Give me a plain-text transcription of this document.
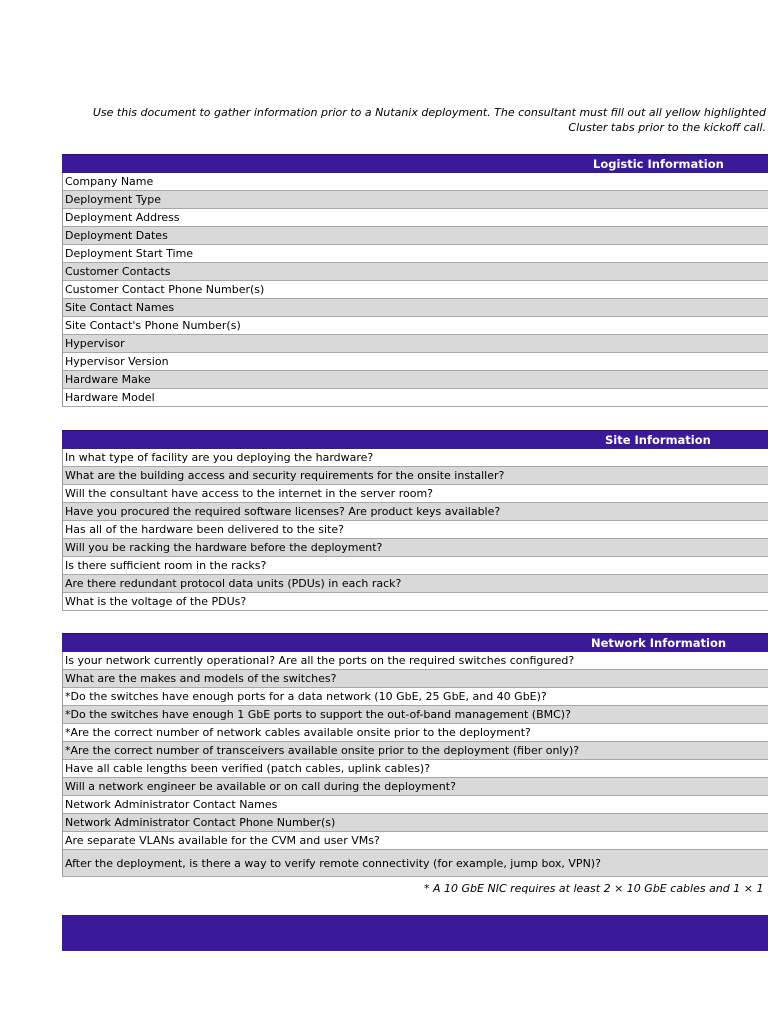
Use this document to gather information prior to a Nutanix deployment. The consultant must fill out all yellow highlighted
Cluster tabs prior to the kickoff call.
Logistic Information
Company Name
Deployment Type
Deployment Address
Deployment Dates
Deployment Start Time
Customer Contacts
Customer Contact Phone Number(s)
Site Contact Names
Site Contact's Phone Number(s)
Hypervisor
Hypervisor Version
Hardware Make
Hardware Model
Site Information
In what type of facility are you deploying the hardware?
What are the building access and security requirements for the onsite installer?
Will the consultant have access to the internet in the server room?
Have you procured the required software licenses? Are product keys available?
Has all of the hardware been delivered to the site?
Will you be racking the hardware before the deployment?
Is there sufficient room in the racks?
Are there redundant protocol data units (PDUs) in each rack?
What is the voltage of the PDUs?
Network Information
Is your network currently operational? Are all the ports on the required switches configured?
What are the makes and models of the switches?
*Do the switches have enough ports for a data network (10 GbE, 25 GbE, and 40 GbE)?
*Do the switches have enough 1 GbE ports to support the out-of-band management (BMC)?
*Are the correct number of network cables available onsite prior to the deployment?
*Are the correct number of transceivers available onsite prior to the deployment (fiber only)?
Have all cable lengths been verified (patch cables, uplink cables)?
Will a network engineer be available or on call during the deployment?
Network Administrator Contact Names
Network Administrator Contact Phone Number(s)
Are separate VLANs available for the CVM and user VMs?
After the deployment, is there a way to verify remote connectivity (for example, jump box, VPN)?
* A 10 GbE NIC requires at least 2 × 10 GbE cables and 1 × 1
